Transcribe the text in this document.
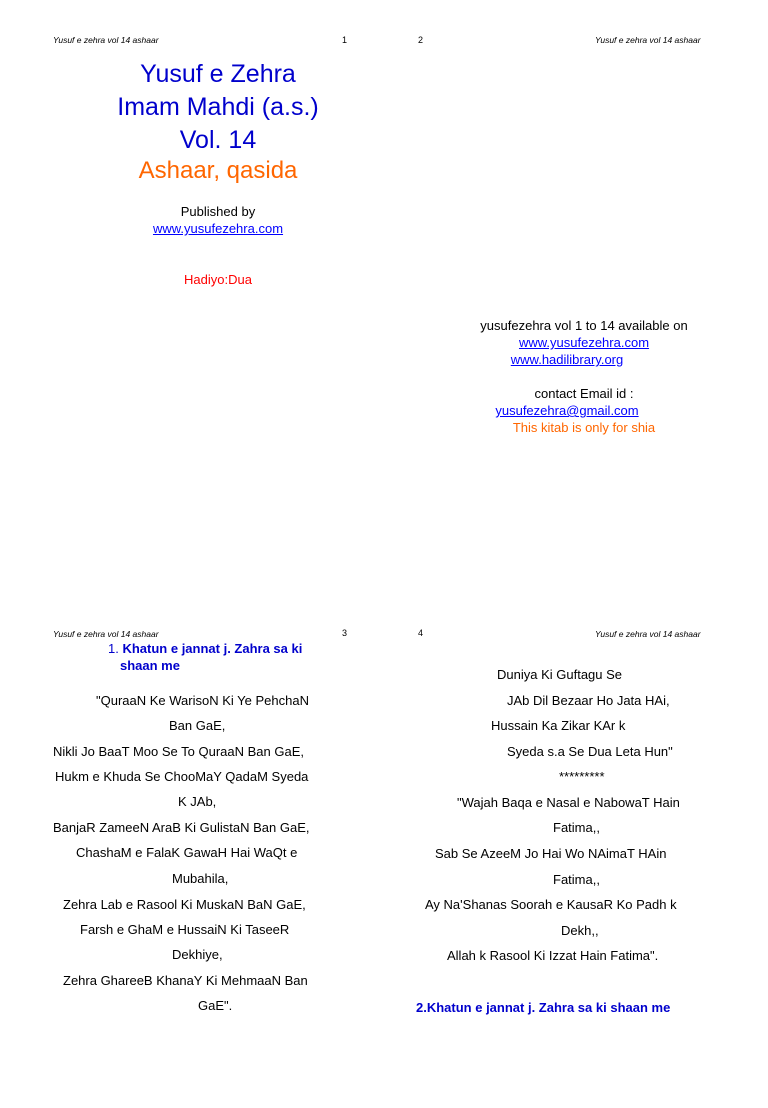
Yusuf e zehra vol 14 ashaar	1
Yusuf e Zehra
Imam Mahdi (a.s.)
Vol. 14
Ashaar, qasida
Published by
www.yusufezehra.com
Hadiyo:Dua
2	Yusuf e zehra vol 14 ashaar
yusufezehra vol 1 to 14 available on
www.yusufezehra.com
www.hadilibrary.org
contact Email id :
yusufezehra@gmail.com
This kitab is only for shia
Yusuf e zehra vol 14 ashaar	3
1. Khatun e jannat j. Zahra sa ki
shaan me
"QuraaN Ke WarisoN Ki Ye PehchaN
Ban GaE,
Nikli Jo BaaT Moo Se To QuraaN Ban GaE,
Hukm e Khuda Se ChooMaY QadaM Syeda
K JAb,
BanjaR ZameeN AraB Ki GulistaN Ban GaE,
ChashaM e FalaK GawaH Hai WaQt e
Mubahila,
Zehra Lab e Rasool Ki MuskaN BaN GaE,
Farsh e GhaM e HussaiN Ki TaseeR
Dekhiye,
Zehra GhareeB KhanaY Ki MehmaaN Ban
GaE".
4	Yusuf e zehra vol 14 ashaar
Duniya Ki Guftagu Se
JAb Dil Bezaar Ho Jata HAi,
Hussain Ka Zikar KAr k
Syeda s.a Se Dua Leta Hun"
*********
"Wajah Baqa e Nasal e NabowaT Hain
Fatima,,
Sab Se AzeeM Jo Hai Wo NAimaT HAin
Fatima,,
Ay Na'Shanas Soorah e KausaR Ko Padh k
Dekh,,
Allah k Rasool Ki Izzat Hain Fatima".
2.Khatun e jannat j. Zahra sa ki shaan me
